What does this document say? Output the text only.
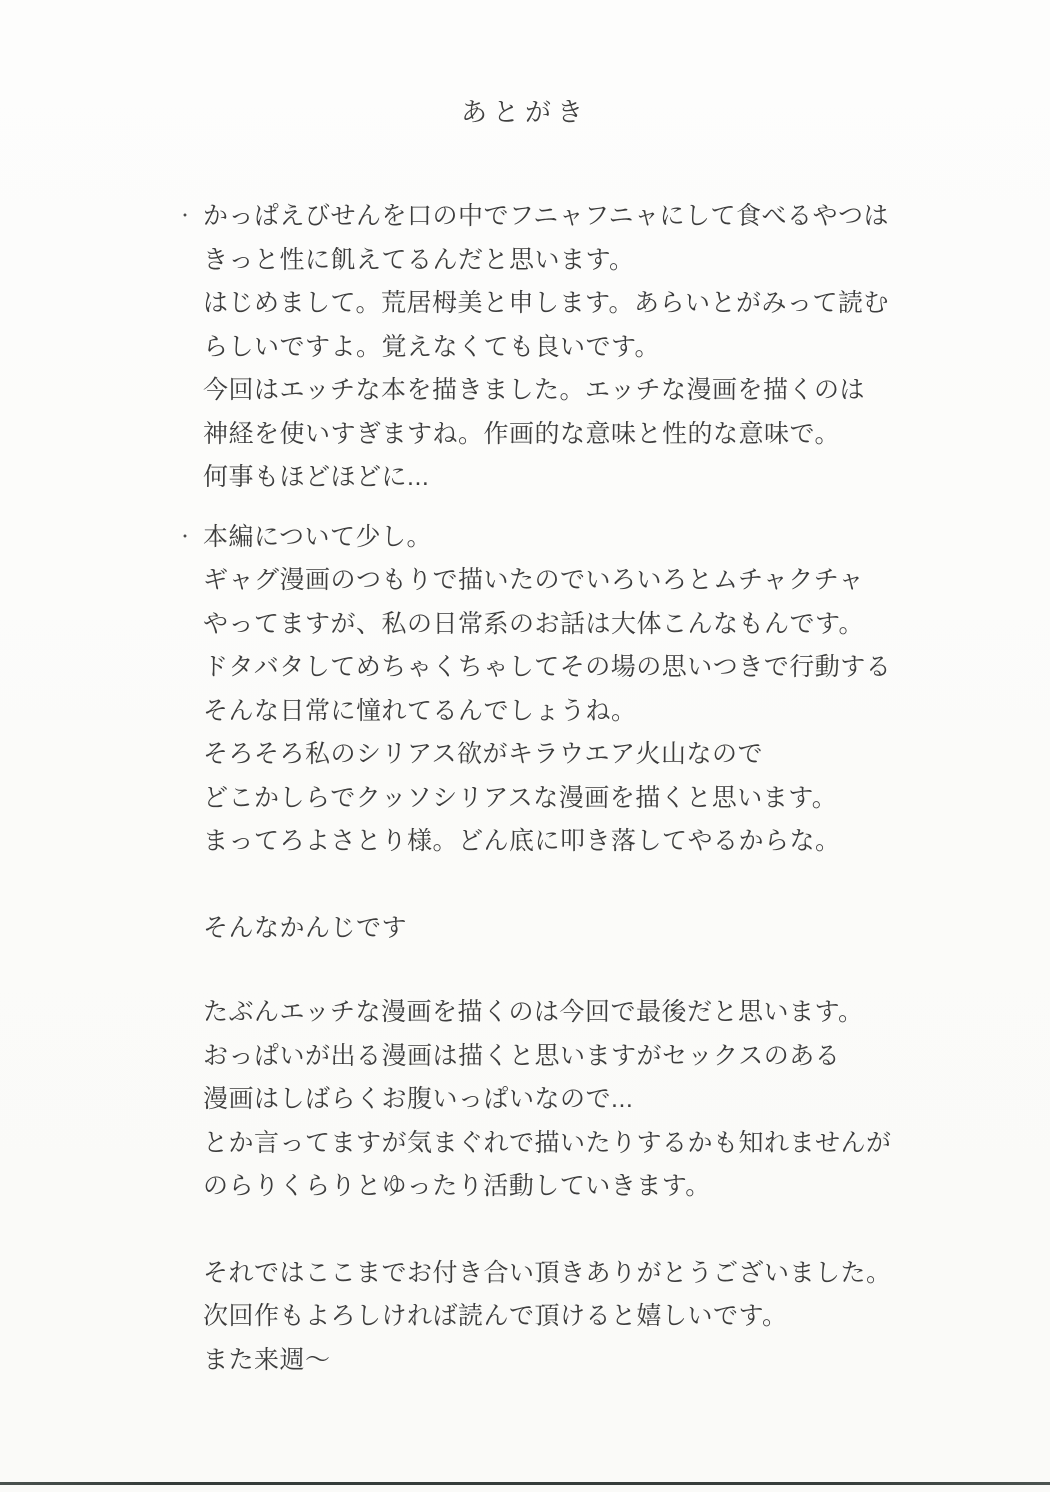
あとがき
・ かっぱえびせんを口の中でフニャフニャにして食べるやつは
きっと性に飢えてるんだと思います。
はじめまして。荒居栂美と申します。あらいとがみって読む
らしいですよ。覚えなくても良いです。
今回はエッチな本を描きました。エッチな漫画を描くのは
神経を使いすぎますね。作画的な意味と性的な意味で。
何事もほどほどに...
・ 本編について少し。
ギャグ漫画のつもりで描いたのでいろいろとムチャクチャ
やってますが、私の日常系のお話は大体こんなもんです。
ドタバタしてめちゃくちゃしてその場の思いつきで行動する
そんな日常に憧れてるんでしょうね。
そろそろ私のシリアス欲がキラウエア火山なので
どこかしらでクッソシリアスな漫画を描くと思います。
まってろよさとり様。どん底に叩き落してやるからな。
そんなかんじです
たぶんエッチな漫画を描くのは今回で最後だと思います。
おっぱいが出る漫画は描くと思いますがセックスのある
漫画はしばらくお腹いっぱいなので...
とか言ってますが気まぐれで描いたりするかも知れませんが
のらりくらりとゆったり活動していきます。
それではここまでお付き合い頂きありがとうございました。
次回作もよろしければ読んで頂けると嬉しいです。
また来週〜
